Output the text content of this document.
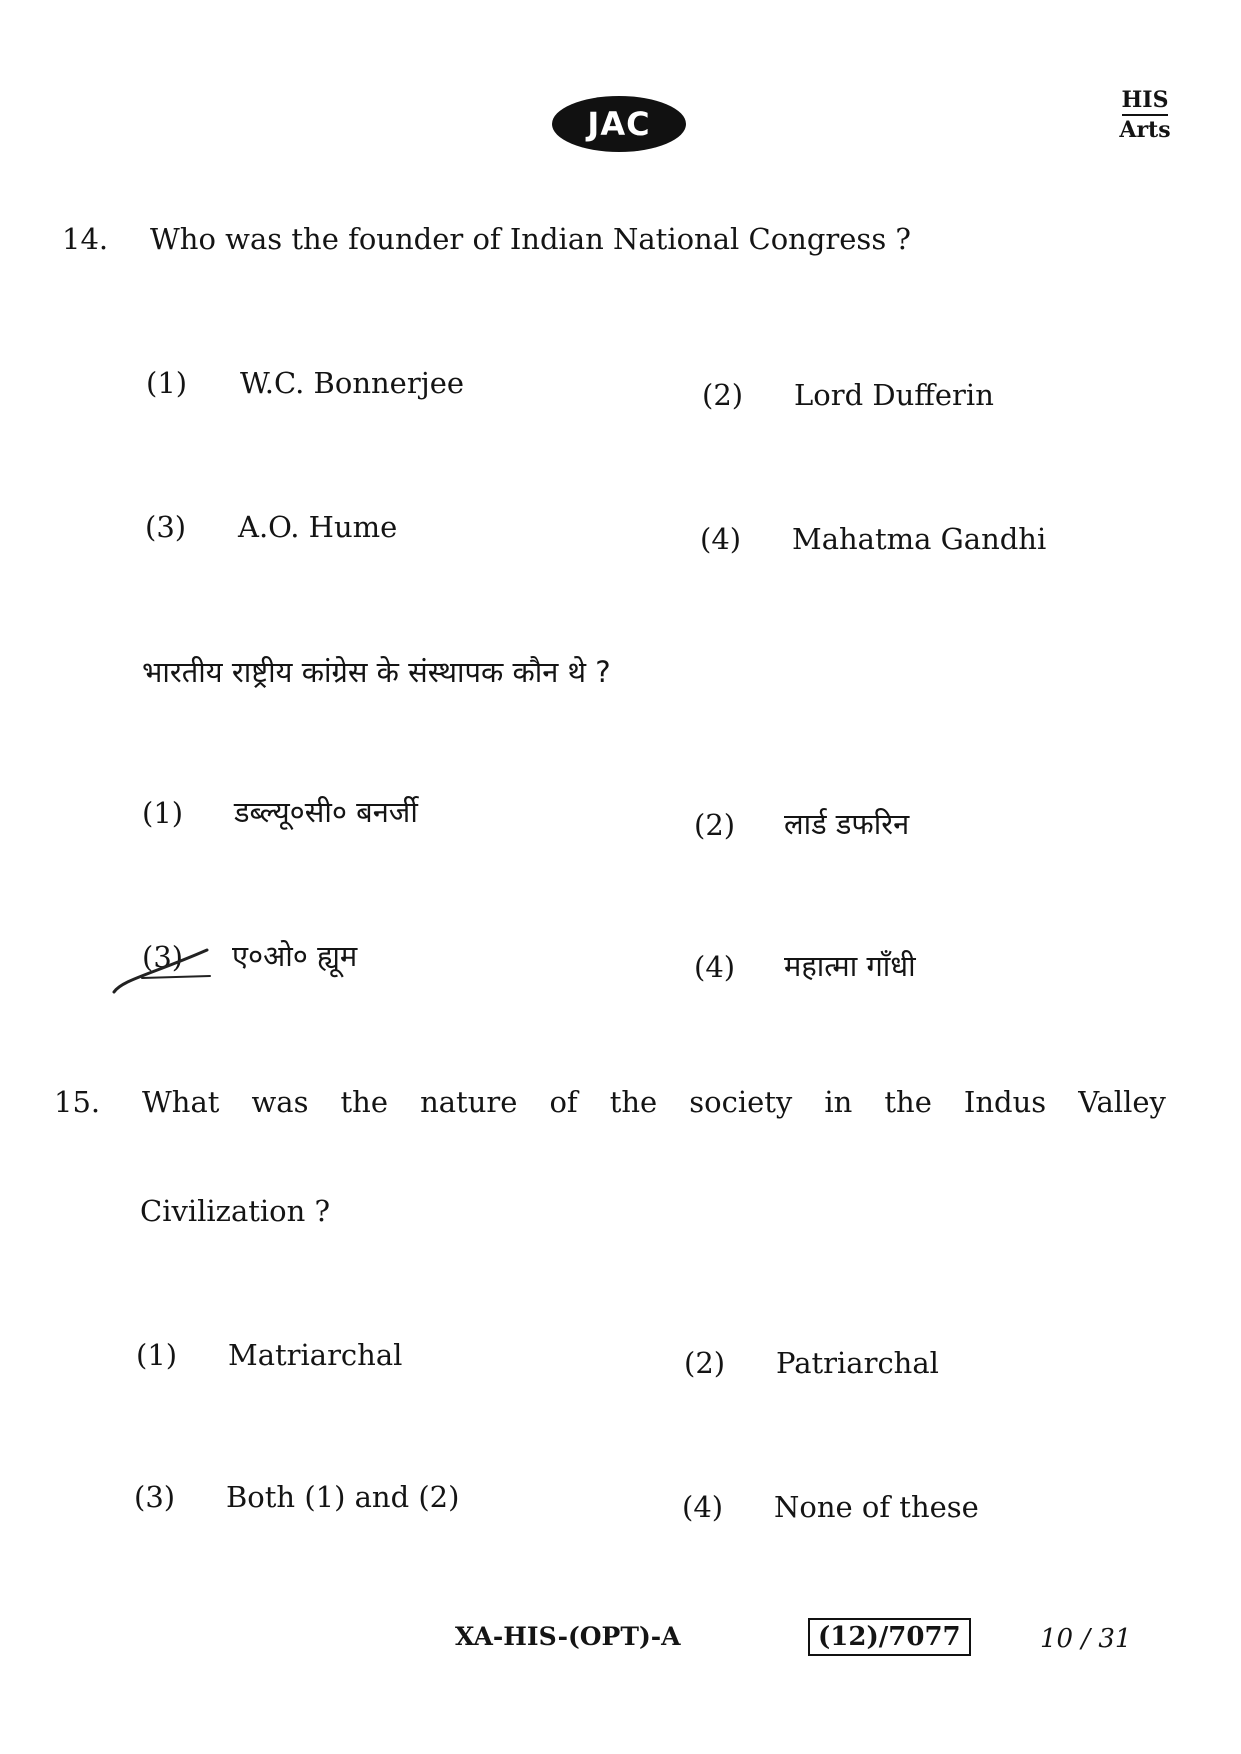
JAC
HIS
Arts
14. Who was the founder of Indian National Congress ?
(1) W.C. Bonnerjee	(2) Lord Dufferin
(3) A.O. Hume	(4) Mahatma Gandhi
भारतीय राष्ट्रीय कांग्रेस के संस्थापक कौन थे ?
(1) डब्ल्यू०सी० बनर्जी	(2) लार्ड डफरिन
(3) ए०ओ० ह्यूम	(4) महात्मा गाँधी
15. What was the nature of the society in the Indus Valley
Civilization ?
(1) Matriarchal	(2) Patriarchal
(3) Both (1) and (2)	(4) None of these
XA-HIS-(OPT)-A	(12)/7077	10 / 31
